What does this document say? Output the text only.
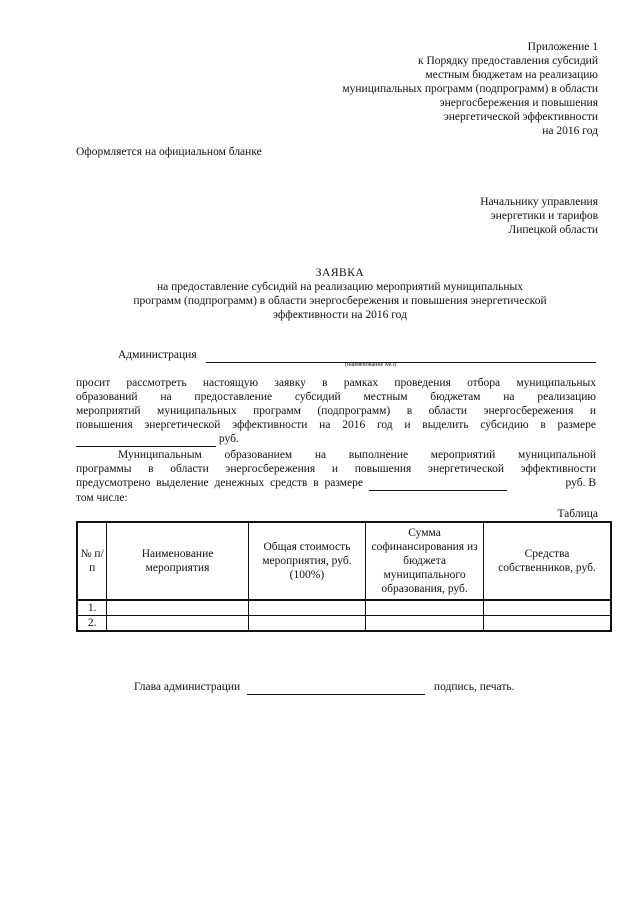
Приложение 1
к Порядку предоставления субсидий
местным бюджетам на реализацию
муниципальных программ (подпрограмм) в области
энергосбережения и повышения
энергетической эффективности
на 2016 год
Оформляется на официальном бланке
Начальнику управления
энергетики и тарифов
Липецкой области
ЗАЯВКА
на предоставление субсидий на реализацию мероприятий муниципальных
программ (подпрограмм) в области энергосбережения и повышения энергетической
эффективности на 2016 год
Администрация
(наименование МО)
просит рассмотреть настоящую заявку в рамках проведения отбора муниципальных
образований на предоставление субсидий местным бюджетам на реализацию
мероприятий муниципальных программ (подпрограмм) в области энергосбережения и
повышения энергетической эффективности на 2016 год и выделить субсидию в размере
руб.
Муниципальным образованием на выполнение мероприятий муниципальной
программы в области энергосбережения и повышения энергетической эффективности
предусмотрено выделение денежных средств в размере
	руб. В
том числе:
Таблица
№ п/п	Наименование мероприятия	Общая стоимость мероприятия, руб. (100%)	Сумма софинансирования из бюджета муниципального образования, руб.	Средства собственников, руб.
1.				
2.				
Глава администрации	подпись, печать.
